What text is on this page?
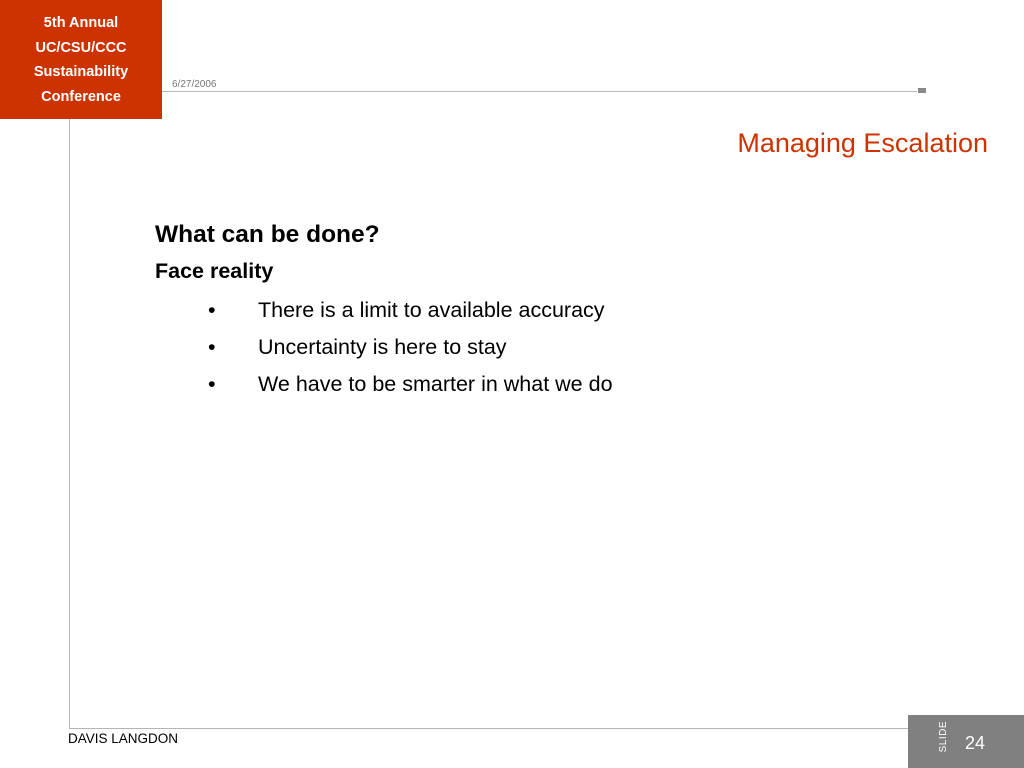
5th Annual
UC/CSU/CCC
Sustainability
Conference
6/27/2006
Managing Escalation
What can be done?
Face reality
• There is a limit to available accuracy
• Uncertainty is here to stay
• We have to be smarter in what we do
DAVIS LANGDON	SLIDE 24
